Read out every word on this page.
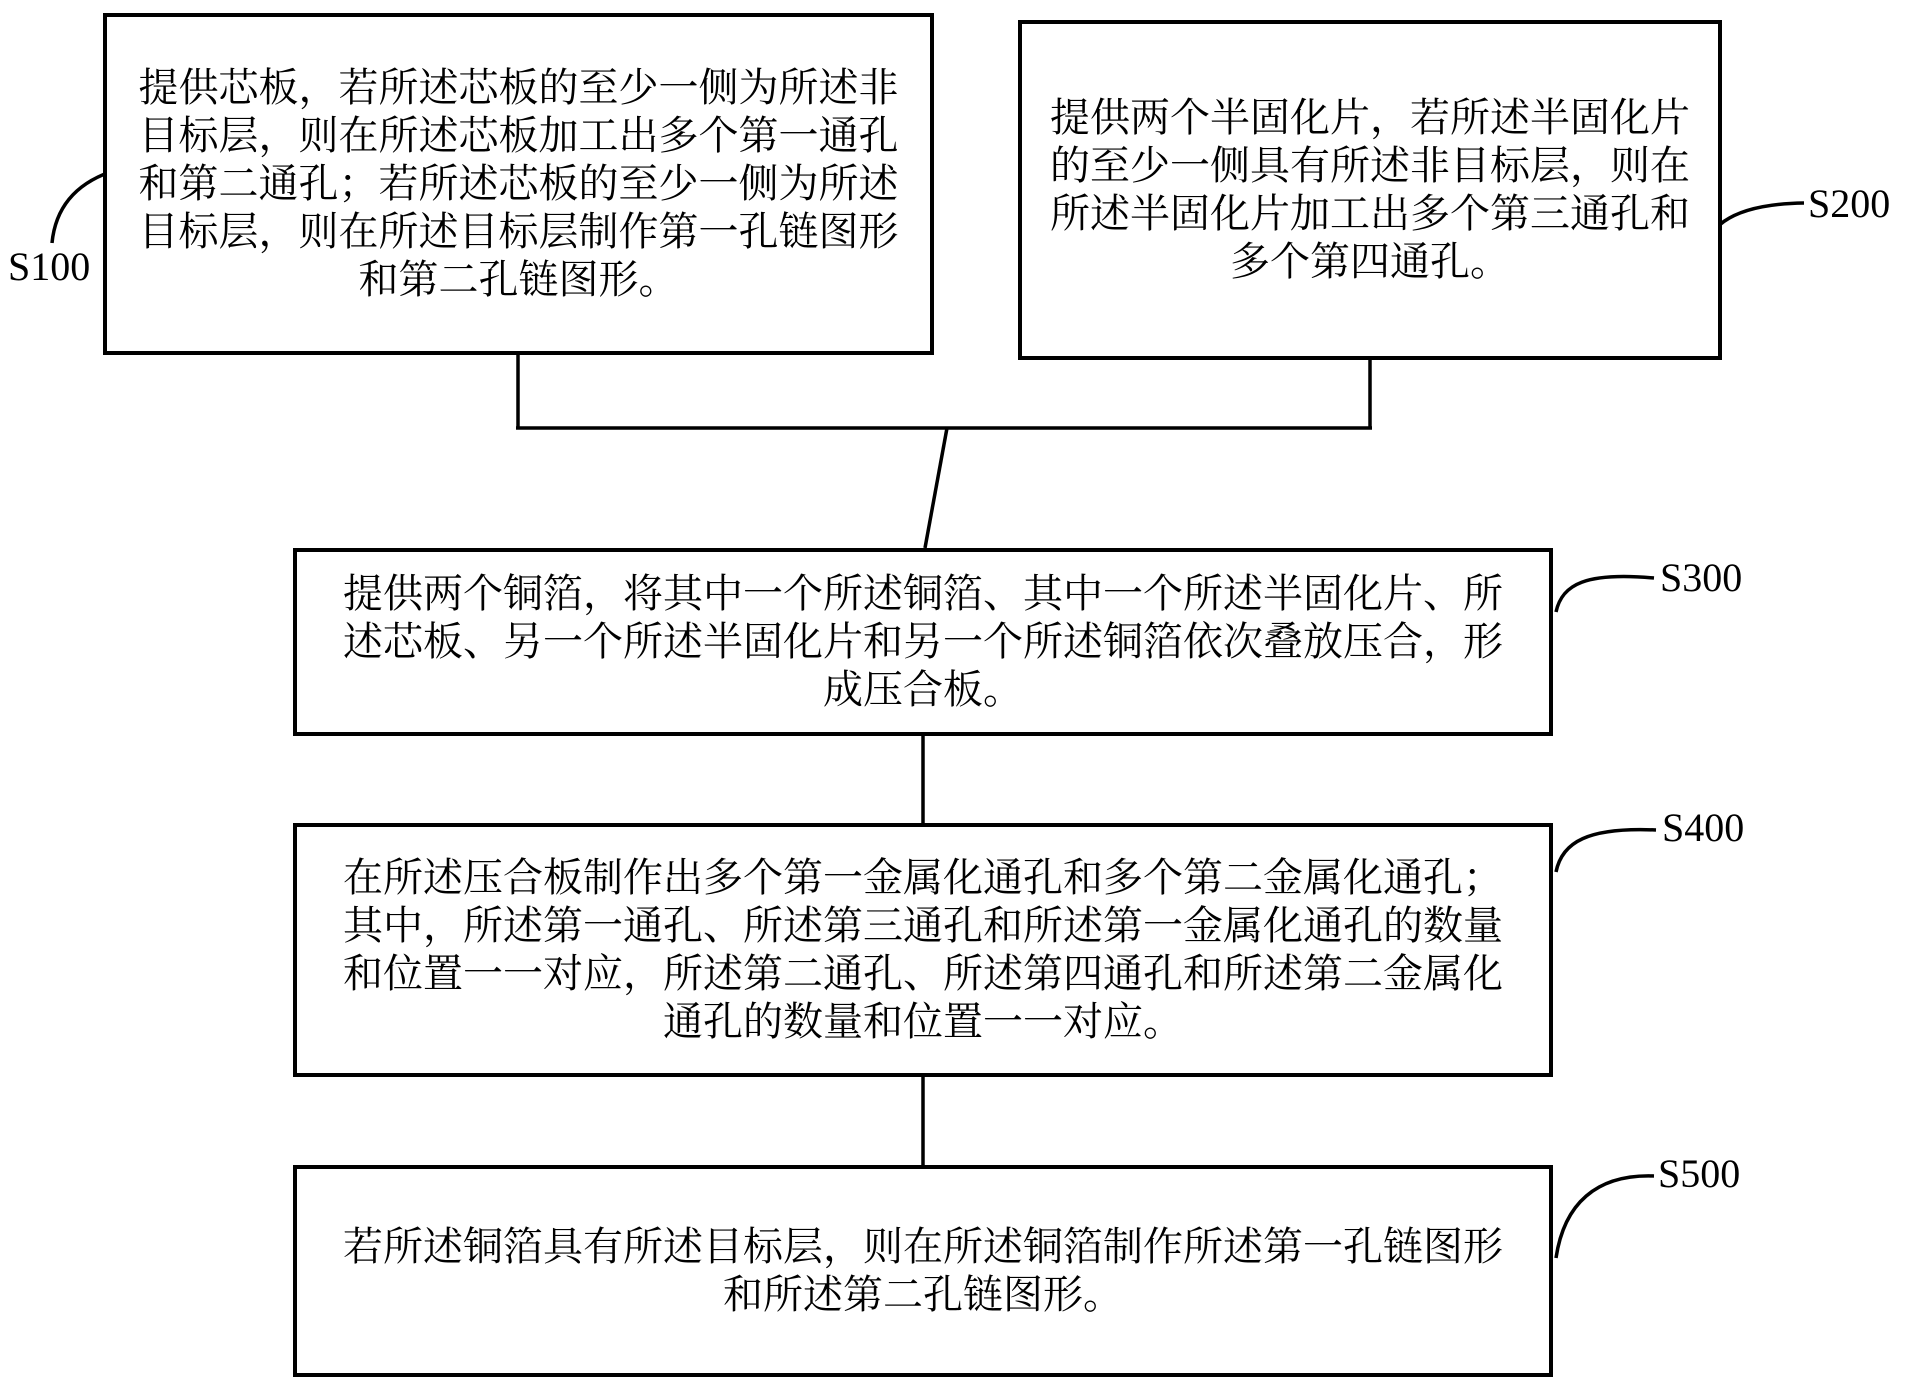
提供芯板，若所述芯板的至少一侧为所述非
目标层，则在所述芯板加工出多个第一通孔
和第二通孔；若所述芯板的至少一侧为所述
目标层，则在所述目标层制作第一孔链图形
和第二孔链图形。
提供两个半固化片，若所述半固化片
的至少一侧具有所述非目标层，则在
所述半固化片加工出多个第三通孔和
多个第四通孔。
提供两个铜箔，将其中一个所述铜箔、其中一个所述半固化片、所
述芯板、另一个所述半固化片和另一个所述铜箔依次叠放压合，形
成压合板。
在所述压合板制作出多个第一金属化通孔和多个第二金属化通孔；
其中，所述第一通孔、所述第三通孔和所述第一金属化通孔的数量
和位置一一对应，所述第二通孔、所述第四通孔和所述第二金属化
通孔的数量和位置一一对应。
若所述铜箔具有所述目标层，则在所述铜箔制作所述第一孔链图形
和所述第二孔链图形。
S100
S200
S300
S400
S500
